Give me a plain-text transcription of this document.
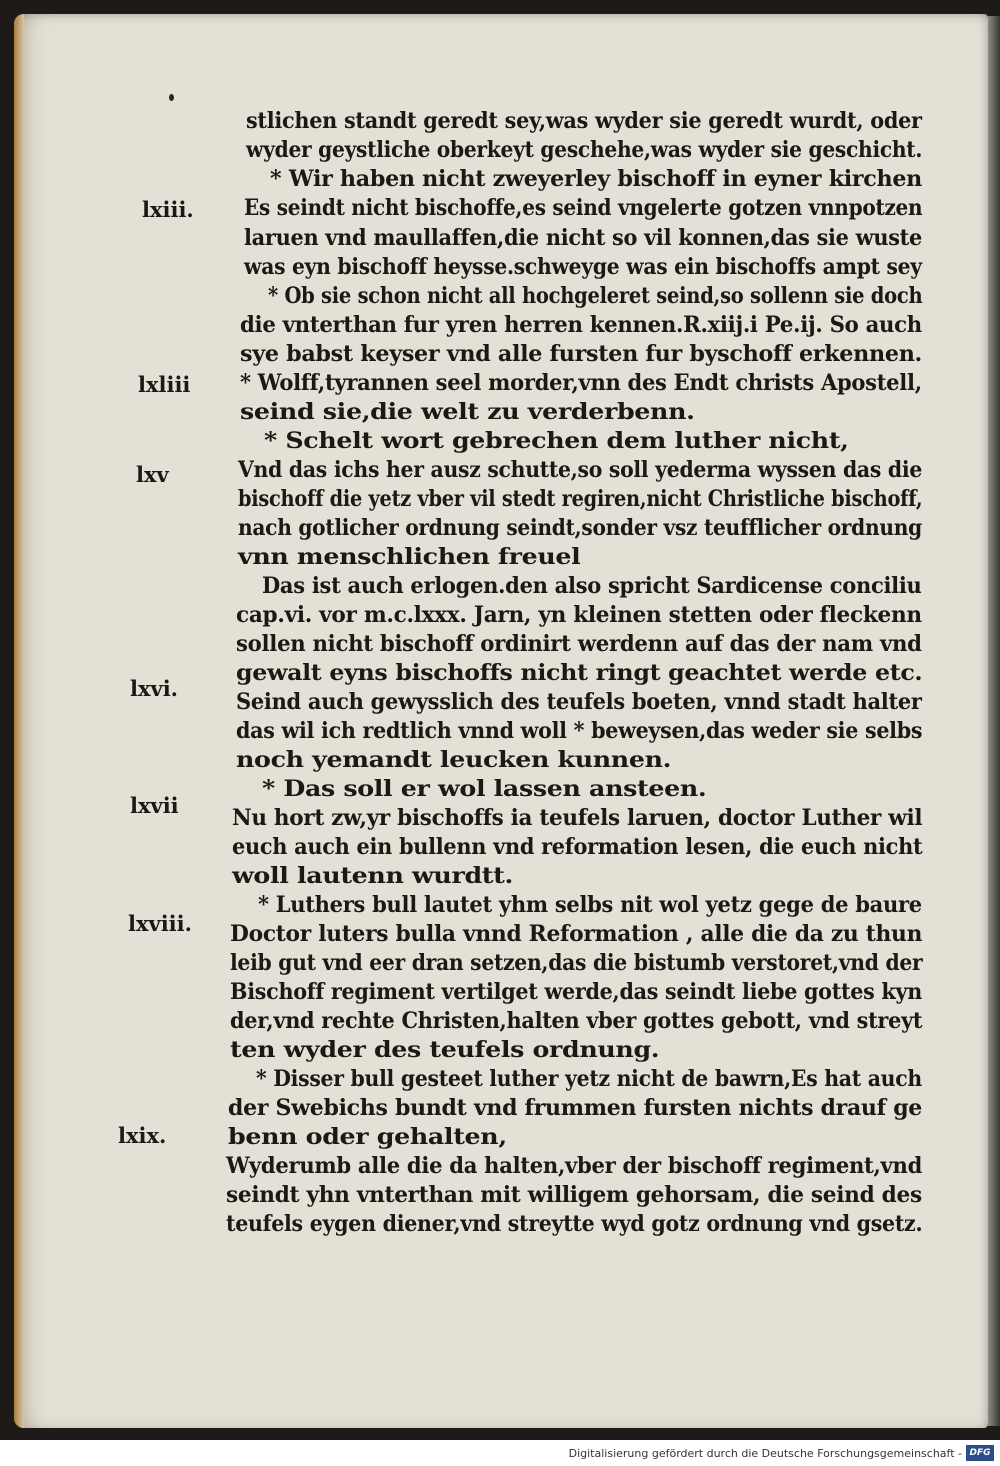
stlichen standt geredt sey,was wyder sie geredt wurdt, oder
wyder geystliche oberkeyt geschehe,was wyder sie geschicht.
* Wir haben nicht zweyerley bischoff in eyner kirchen
Es seindt nicht bischoffe,es seind vngelerte gotzen vnnpotzen
laruen vnd maullaffen,die nicht so vil konnen,das sie wuste
was eyn bischoff heysse.schweyge was ein bischoffs ampt sey
* Ob sie schon nicht all hochgeleret seind,so sollenn sie doch
die vnterthan fur yren herren kennen.R.xiij.i Pe.ij. So auch
sye babst keyser vnd alle fursten fur byschoff erkennen.
* Wolff,tyrannen seel morder,vnn des Endt christs Apostell,
seind sie,die welt zu verderbenn.
* Schelt wort gebrechen dem luther nicht,
Vnd das ichs her ausz schutte,so soll yederma wyssen das die
bischoff die yetz vber vil stedt regiren,nicht Christliche bischoff,
nach gotlicher ordnung seindt,sonder vsz teufflicher ordnung
vnn menschlichen freuel
Das ist auch erlogen.den also spricht Sardicense conciliu
cap.vi. vor m.c.lxxx. Jarn, yn kleinen stetten oder fleckenn
sollen nicht bischoff ordinirt werdenn auf das der nam vnd
gewalt eyns bischoffs nicht ringt geachtet werde etc.
Seind auch gewysslich des teufels boeten, vnnd stadt halter
das wil ich redtlich vnnd woll * beweysen,das weder sie selbs
noch yemandt leucken kunnen.
* Das soll er wol lassen ansteen.
Nu hort zw,yr bischoffs ia teufels laruen, doctor Luther wil
euch auch ein bullenn vnd reformation lesen, die euch nicht
woll lautenn wurdtt.
* Luthers bull lautet yhm selbs nit wol yetz gege de baure
Doctor luters bulla vnnd Reformation , alle die da zu thun
leib gut vnd eer dran setzen,das die bistumb verstoret,vnd der
Bischoff regiment vertilget werde,das seindt liebe gottes kyn
der,vnd rechte Christen,halten vber gottes gebott, vnd streyt
ten wyder des teufels ordnung.
* Disser bull gesteet luther yetz nicht de bawrn,Es hat auch
der Swebichs bundt vnd frummen fursten nichts drauf ge
benn oder gehalten,
Wyderumb alle die da halten,vber der bischoff regiment,vnd
seindt yhn vnterthan mit willigem gehorsam, die seind des
teufels eygen diener,vnd streytte wyd gotz ordnung vnd gsetz.
lxiii.
lxliii
lxv
lxvi.
lxvii
lxviii.
lxix.
Digitalisierung gefördert durch die Deutsche Forschungsgemeinschaft - DFG
